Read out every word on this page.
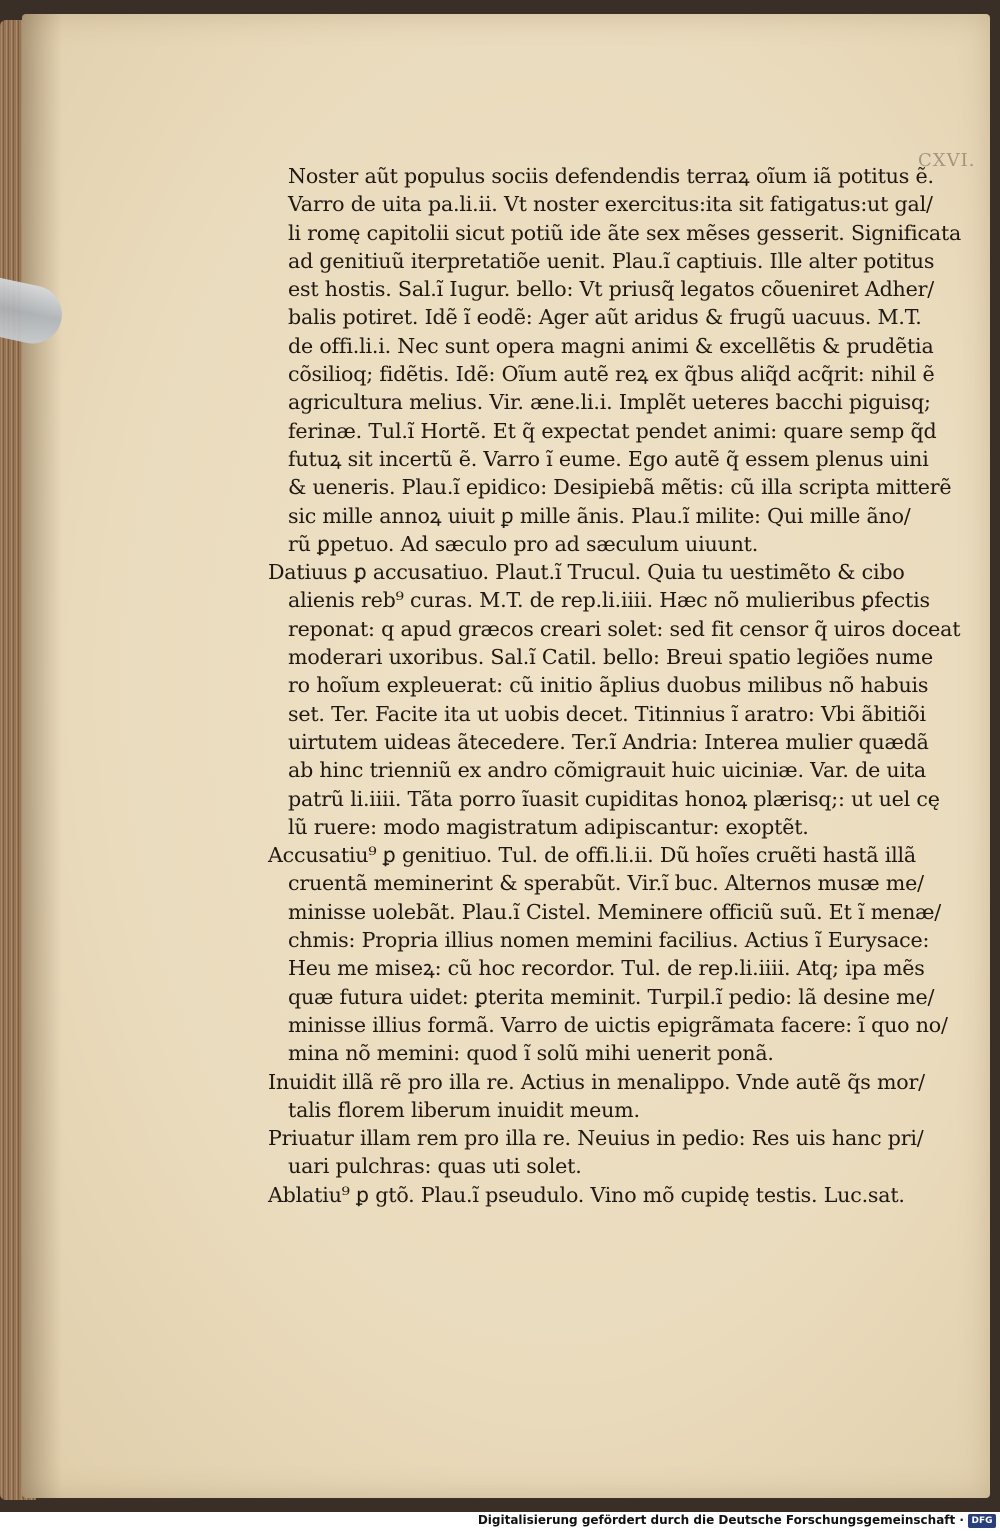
CXVI.
Noster aũt populus sociis defendendis terraꝝ oĩum iã potitus ẽ.
Varro de uita pa.li.ii. Vt noster exercitus:ita sit fatigatus:ut gal/
li romę capitolii sicut potiũ ide ãte sex mẽses gesserit. Significata
ad genitiuũ iterpretatiõe uenit. Plau.ĩ captiuis. Ille alter potitus
est hostis. Sal.ĩ Iugur. bello: Vt priusq̃ legatos cõueniret Adher/
balis potiret. Idẽ ĩ eodẽ: Ager aũt aridus & frugũ uacuus. M.T.
de offi.li.i. Nec sunt opera magni animi & excellẽtis & prudẽtia
cõsilioq; fidẽtis. Idẽ: Oĩum autẽ reꝝ ex q̃bus aliq̃d acq̃rit: nihil ẽ
agricultura melius. Vir. æne.li.i. Implẽt ueteres bacchi piguisq;
ferinæ. Tul.ĩ Hortẽ. Et q̃ expectat pendet animi: quare semp q̃d
futuꝝ sit incertũ ẽ. Varro ĩ eume. Ego autẽ q̃ essem plenus uini
& ueneris. Plau.ĩ epidico: Desipiebã mẽtis: cũ illa scripta mitterẽ
sic mille annoꝝ uiuit ꝑ mille ãnis. Plau.ĩ milite: Qui mille ãno/
rũ ꝑpetuo. Ad sæculo pro ad sæculum uiuunt.
Datiuus ꝑ accusatiuo. Plaut.ĩ Trucul. Quia tu uestimẽto & cibo
alienis reb⁹ curas. M.T. de rep.li.iiii. Hæc nõ mulieribus ꝑfectis
reponat: q apud græcos creari solet: sed fit censor q̃ uiros doceat
moderari uxoribus. Sal.ĩ Catil. bello: Breui spatio legiões nume
ro hoĩum expleuerat: cũ initio ãplius duobus milibus nõ habuis
set. Ter. Facite ita ut uobis decet. Titinnius ĩ aratro: Vbi ãbitiõi
uirtutem uideas ãtecedere. Ter.ĩ Andria: Interea mulier quædã
ab hinc trienniũ ex andro cõmigrauit huic uiciniæ. Var. de uita
patrũ li.iiii. Tãta porro ĩuasit cupiditas honoꝝ plærisq;: ut uel cę
lũ ruere: modo magistratum adipiscantur: exoptẽt.
Accusatiu⁹ ꝑ genitiuo. Tul. de offi.li.ii. Dũ hoĩes cruẽti hastã illã
cruentã meminerint & sperabũt. Vir.ĩ buc. Alternos musæ me/
minisse uolebãt. Plau.ĩ Cistel. Meminere officiũ suũ. Et ĩ menæ/
chmis: Propria illius nomen memini facilius. Actius ĩ Eurysace:
Heu me miseꝝ: cũ hoc recordor. Tul. de rep.li.iiii. Atq; ipa mẽs
quæ futura uidet: ꝑterita meminit. Turpil.ĩ pedio: lã desine me/
minisse illius formã. Varro de uictis epigrãmata facere: ĩ quo no/
mina nõ memini: quod ĩ solũ mihi uenerit ponã.
Inuidit illã rẽ pro illa re. Actius in menalippo. Vnde autẽ q̃s mor/
talis florem liberum inuidit meum.
Priuatur illam rem pro illa re. Neuius in pedio: Res uis hanc pri/
uari pulchras: quas uti solet.
Ablatiu⁹ ꝑ gtõ. Plau.ĩ pseudulo. Vino mõ cupidę testis. Luc.sat.
Digitalisierung gefördert durch die Deutsche Forschungsgemeinschaft · DFG
